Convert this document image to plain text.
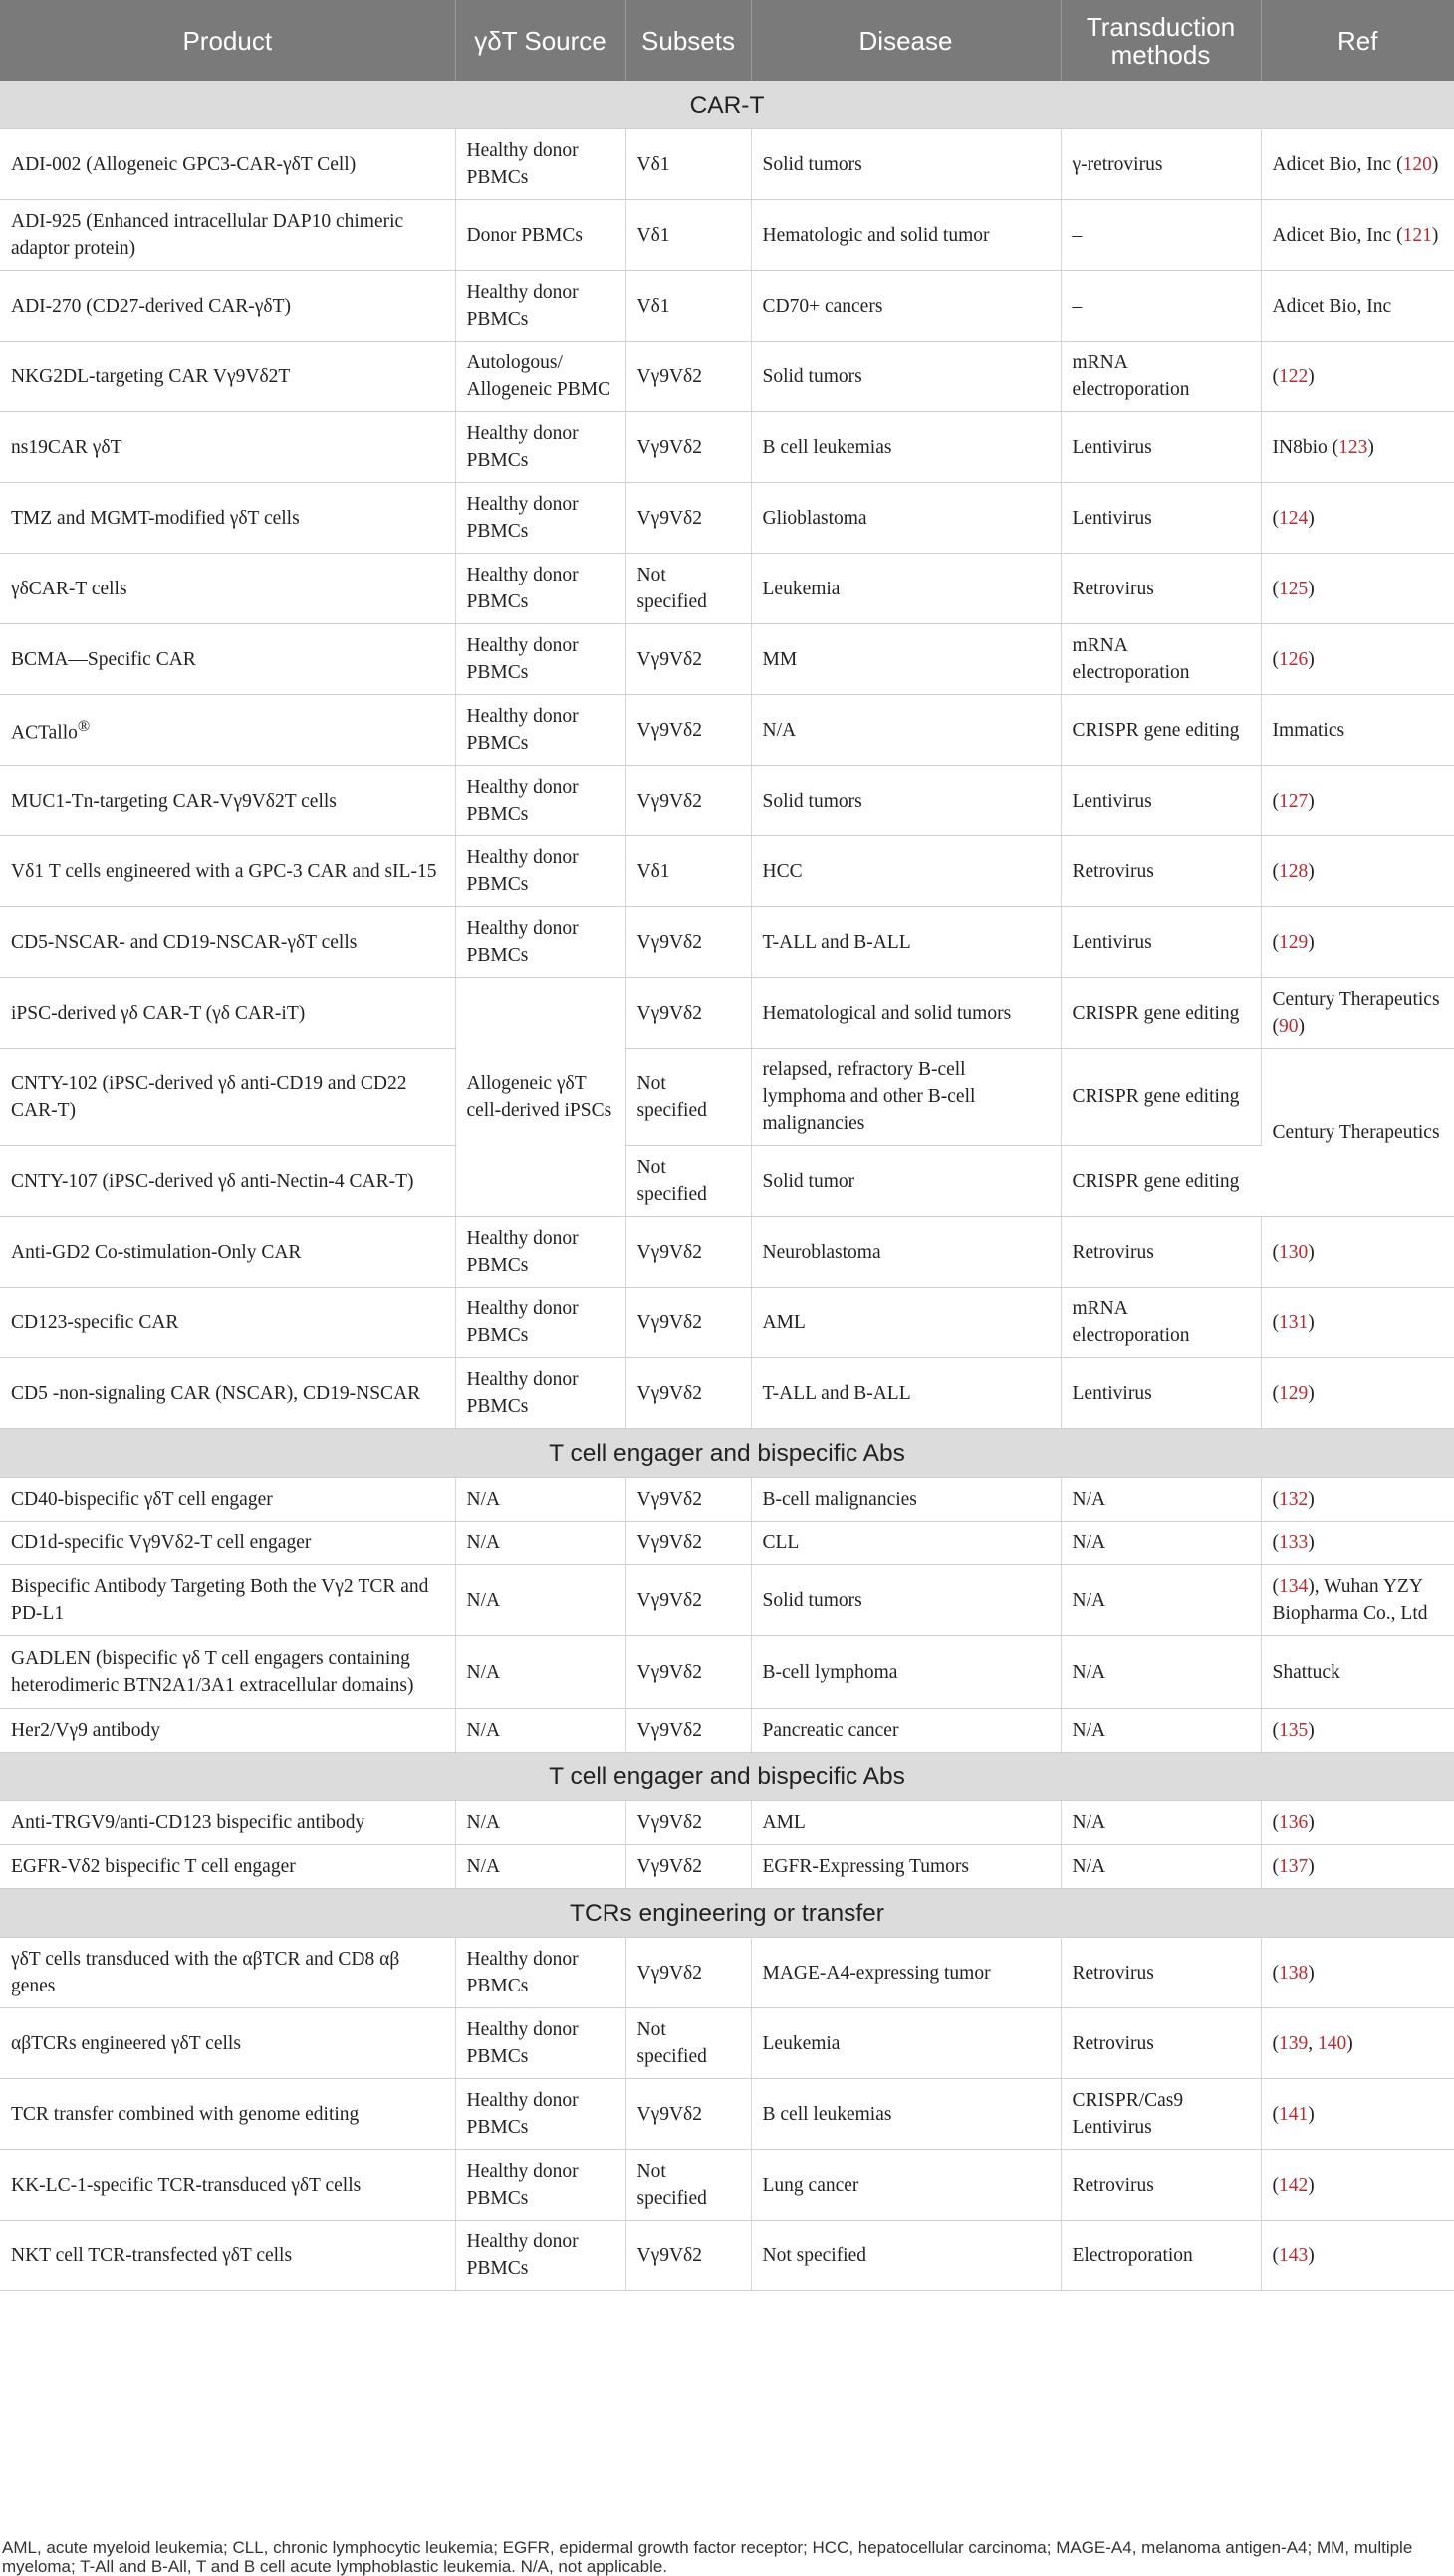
Product	γδT Source	Subsets	Disease	Transduction methods	Ref
CAR-T					
ADI-002 (Allogeneic GPC3-CAR-γδT Cell)	Healthy donor PBMCs	Vδ1	Solid tumors	γ-retrovirus	Adicet Bio, Inc (120)
ADI-925 (Enhanced intracellular DAP10 chimeric adaptor protein)	Donor PBMCs	Vδ1	Hematologic and solid tumor	–	Adicet Bio, Inc (121)
ADI-270 (CD27-derived CAR-γδT)	Healthy donor PBMCs	Vδ1	CD70+ cancers	–	Adicet Bio, Inc
NKG2DL-targeting CAR Vγ9Vδ2T	Autologous/ Allogeneic PBMC	Vγ9Vδ2	Solid tumors	mRNA electroporation	(122)
ns19CAR γδT	Healthy donor PBMCs	Vγ9Vδ2	B cell leukemias	Lentivirus	IN8bio (123)
TMZ and MGMT-modified γδT cells	Healthy donor PBMCs	Vγ9Vδ2	Glioblastoma	Lentivirus	(124)
γδCAR-T cells	Healthy donor PBMCs	Not specified	Leukemia	Retrovirus	(125)
BCMA—Specific CAR	Healthy donor PBMCs	Vγ9Vδ2	MM	mRNA electroporation	(126)
ACTallo®	Healthy donor PBMCs	Vγ9Vδ2	N/A	CRISPR gene editing	Immatics
MUC1-Tn-targeting CAR-Vγ9Vδ2T cells	Healthy donor PBMCs	Vγ9Vδ2	Solid tumors	Lentivirus	(127)
Vδ1 T cells engineered with a GPC-3 CAR and sIL-15	Healthy donor PBMCs	Vδ1	HCC	Retrovirus	(128)
CD5-NSCAR- and CD19-NSCAR-γδT cells	Healthy donor PBMCs	Vγ9Vδ2	T-ALL and B-ALL	Lentivirus	(129)
iPSC-derived γδ CAR-T (γδ CAR-iT)	Allogeneic γδT cell-derived iPSCs	Vγ9Vδ2	Hematological and solid tumors	CRISPR gene editing	Century Therapeutics (90)
CNTY-102 (iPSC-derived γδ anti-CD19 and CD22 CAR-T)		Not specified	relapsed, refractory B-cell lymphoma and other B-cell malignancies	CRISPR gene editing	Century Therapeutics
CNTY-107 (iPSC-derived γδ anti-Nectin-4 CAR-T)		Not specified	Solid tumor	CRISPR gene editing	
Anti-GD2 Co-stimulation-Only CAR	Healthy donor PBMCs	Vγ9Vδ2	Neuroblastoma	Retrovirus	(130)
CD123-specific CAR	Healthy donor PBMCs	Vγ9Vδ2	AML	mRNA electroporation	(131)
CD5 -non-signaling CAR (NSCAR), CD19-NSCAR	Healthy donor PBMCs	Vγ9Vδ2	T-ALL and B-ALL	Lentivirus	(129)
T cell engager and bispecific Abs					
CD40-bispecific γδT cell engager	N/A	Vγ9Vδ2	B-cell malignancies	N/A	(132)
CD1d-specific Vγ9Vδ2-T cell engager	N/A	Vγ9Vδ2	CLL	N/A	(133)
Bispecific Antibody Targeting Both the Vγ2 TCR and PD-L1	N/A	Vγ9Vδ2	Solid tumors	N/A	(134), Wuhan YZY Biopharma Co., Ltd
GADLEN (bispecific γδ T cell engagers containing heterodimeric BTN2A1/3A1 extracellular domains)	N/A	Vγ9Vδ2	B-cell lymphoma	N/A	Shattuck
Her2/Vγ9 antibody	N/A	Vγ9Vδ2	Pancreatic cancer	N/A	(135)
T cell engager and bispecific Abs					
Anti-TRGV9/anti-CD123 bispecific antibody	N/A	Vγ9Vδ2	AML	N/A	(136)
EGFR-Vδ2 bispecific T cell engager	N/A	Vγ9Vδ2	EGFR-Expressing Tumors	N/A	(137)
TCRs engineering or transfer					
γδT cells transduced with the αβTCR and CD8 αβ genes	Healthy donor PBMCs	Vγ9Vδ2	MAGE-A4-expressing tumor	Retrovirus	(138)
αβTCRs engineered γδT cells	Healthy donor PBMCs	Not specified	Leukemia	Retrovirus	(139, 140)
TCR transfer combined with genome editing	Healthy donor PBMCs	Vγ9Vδ2	B cell leukemias	CRISPR/Cas9 Lentivirus	(141)
KK-LC-1-specific TCR-transduced γδT cells	Healthy donor PBMCs	Not specified	Lung cancer	Retrovirus	(142)
NKT cell TCR-transfected γδT cells	Healthy donor PBMCs	Vγ9Vδ2	Not specified	Electroporation	(143)
AML, acute myeloid leukemia; CLL, chronic lymphocytic leukemia; EGFR, epidermal growth factor receptor; HCC, hepatocellular carcinoma; MAGE-A4, melanoma antigen-A4; MM, multiple myeloma; T-All and B-All, T and B cell acute lymphoblastic leukemia. N/A, not applicable.
